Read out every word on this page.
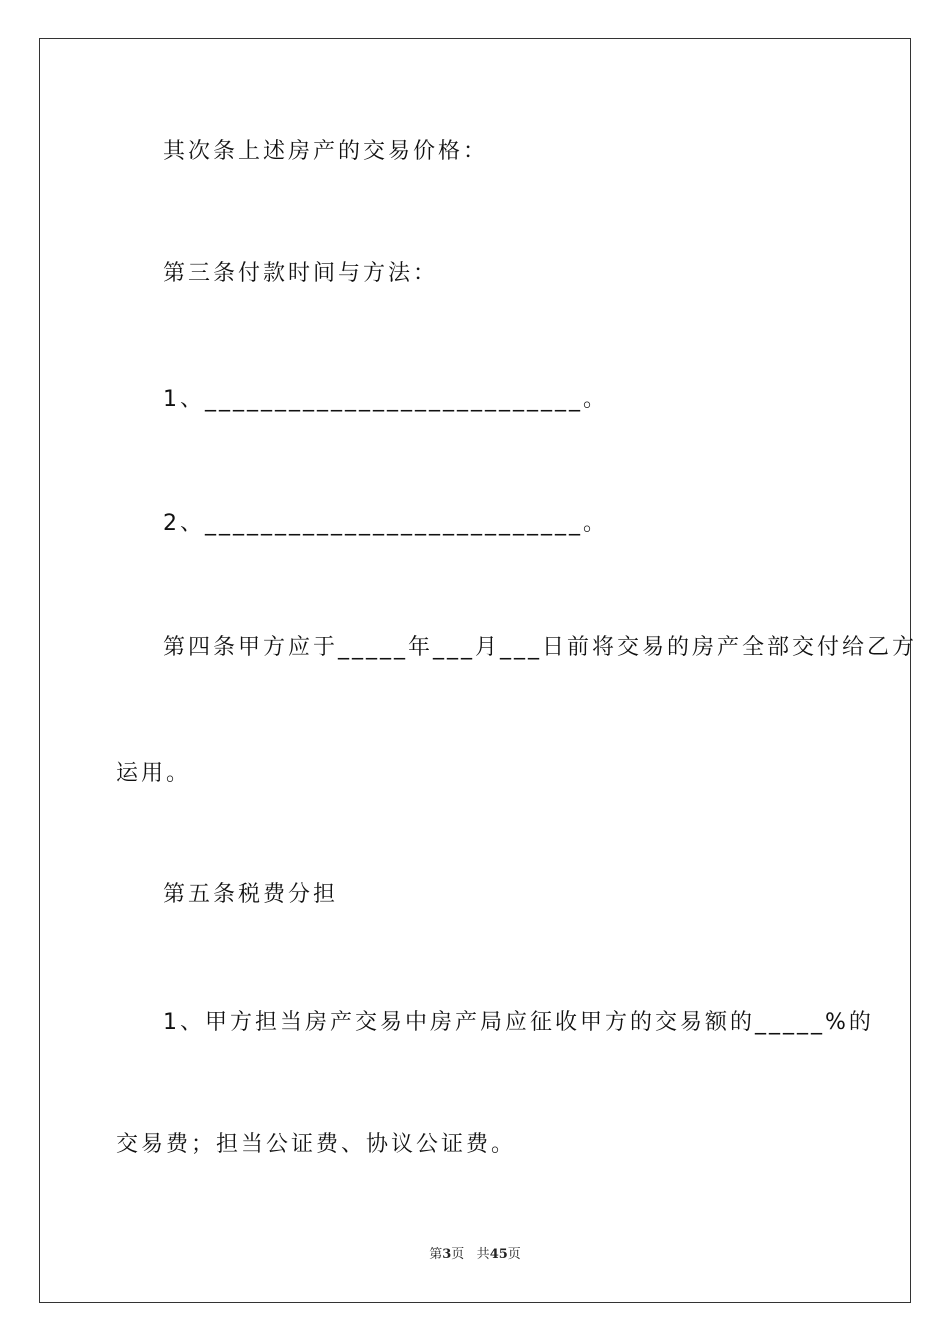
其次条上述房产的交易价格：
第三条付款时间与方法：
1、___________________________。
2、___________________________。
第四条甲方应于_____年___月___日前将交易的房产全部交付给乙方
运用。
第五条税费分担
1、甲方担当房产交易中房产局应征收甲方的交易额的_____%的
交易费；担当公证费、协议公证费。
第3页 共45页
